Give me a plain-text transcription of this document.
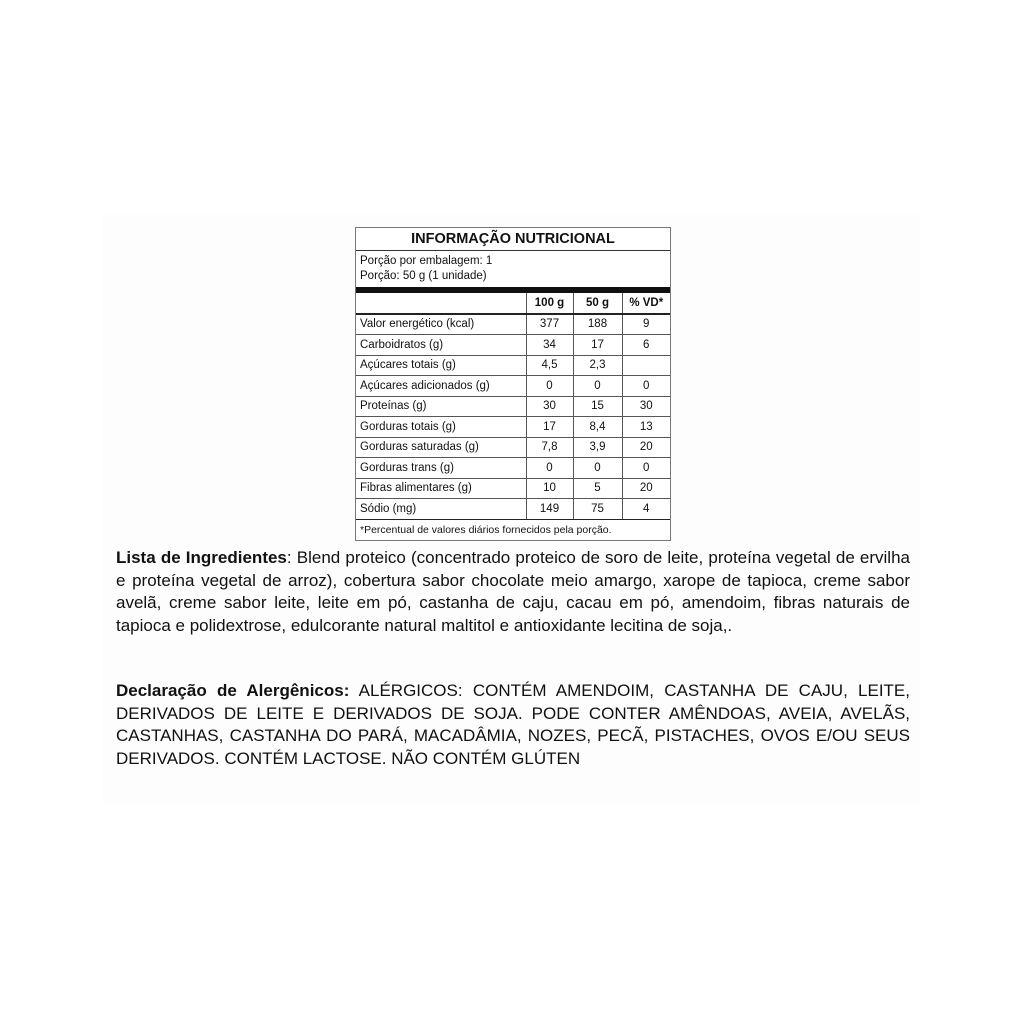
INFORMAÇÃO NUTRICIONAL
Porção por embalagem: 1
Porção: 50 g (1 unidade)
	100 g	50 g	% VD*
Valor energético (kcal)	377	188	9
Carboidratos (g)	34	17	6
Açúcares totais (g)	4,5	2,3	
Açúcares adicionados (g)	0	0	0
Proteínas (g)	30	15	30
Gorduras totais (g)	17	8,4	13
Gorduras saturadas (g)	7,8	3,9	20
Gorduras trans (g)	0	0	0
Fibras alimentares (g)	10	5	20
Sódio (mg)	149	75	4
*Percentual de valores diários fornecidos pela porção.
Lista de Ingredientes: Blend proteico (concentrado proteico de soro de leite, proteína vegetal de ervilha e proteína vegetal de arroz), cobertura sabor chocolate meio amargo, xarope de tapioca, creme sabor avelã, creme sabor leite, leite em pó, castanha de caju, cacau em pó, amendoim, fibras naturais de tapioca e polidextrose, edulcorante natural maltitol e antioxidante lecitina de soja,.
Declaração de Alergênicos: ALÉRGICOS: CONTÉM AMENDOIM, CASTANHA DE CAJU, LEITE, DERIVADOS DE LEITE E DERIVADOS DE SOJA. PODE CONTER AMÊNDOAS, AVEIA, AVELÃS, CASTANHAS, CASTANHA DO PARÁ, MACADÂMIA, NOZES, PECÃ, PISTACHES, OVOS E/OU SEUS DERIVADOS. CONTÉM LACTOSE. NÃO CONTÉM GLÚTEN
